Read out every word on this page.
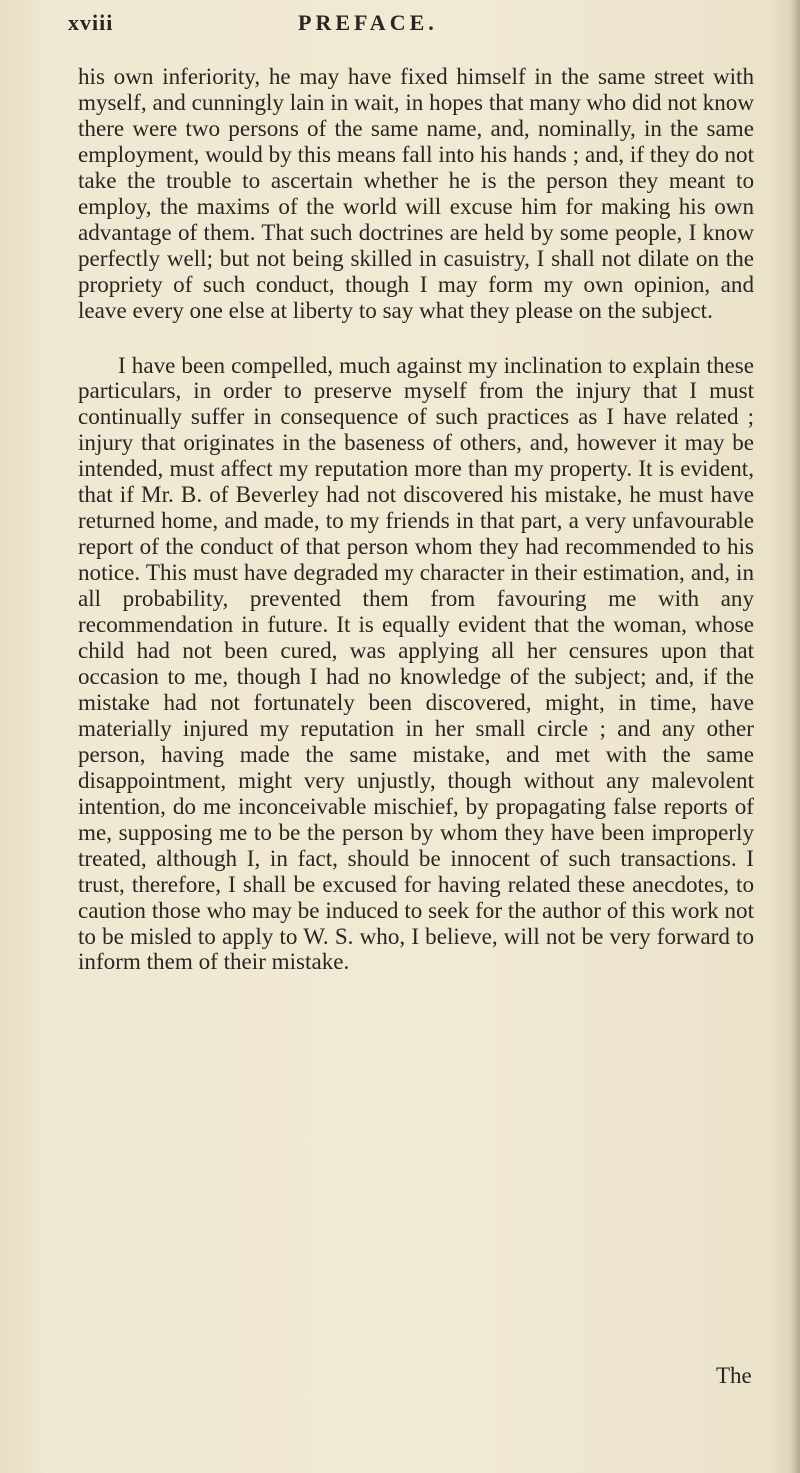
xviii	PREFACE.

his own inferiority, he may have fixed himself in the same street with myself, and cunningly lain in wait, in hopes that many who did not know there were two persons of the same name, and, nominally, in the same employment, would by this means fall into his hands ; and, if they do not take the trouble to ascertain whether he is the person they meant to employ, the maxims of the world will excuse him for making his own advantage of them. That such doctrines are held by some people, I know perfectly well; but not being skilled in casuistry, I shall not dilate on the propriety of such conduct, though I may form my own opinion, and leave every one else at liberty to say what they please on the subject.

I have been compelled, much against my inclination to explain these particulars, in order to preserve myself from the injury that I must continually suffer in consequence of such practices as I have related ; injury that originates in the baseness of others, and, however it may be intended, must affect my reputation more than my property. It is evident, that if Mr. B. of Beverley had not discovered his mistake, he must have returned home, and made, to my friends in that part, a very unfavourable report of the conduct of that person whom they had recommended to his notice. This must have degraded my character in their estimation, and, in all probability, prevented them from favouring me with any recommendation in future. It is equally evident that the woman, whose child had not been cured, was applying all her censures upon that occasion to me, though I had no knowledge of the subject; and, if the mistake had not fortunately been discovered, might, in time, have materially injured my reputation in her small circle ; and any other person, having made the same mistake, and met with the same disappointment, might very unjustly, though without any malevolent intention, do me inconceivable mischief, by propagating false reports of me, supposing me to be the person by whom they have been improperly treated, although I, in fact, should be innocent of such transactions. I trust, therefore, I shall be excused for having related these anecdotes, to caution those who may be induced to seek for the author of this work not to be misled to apply to W. S. who, I believe, will not be very forward to inform them of their mistake.

The
